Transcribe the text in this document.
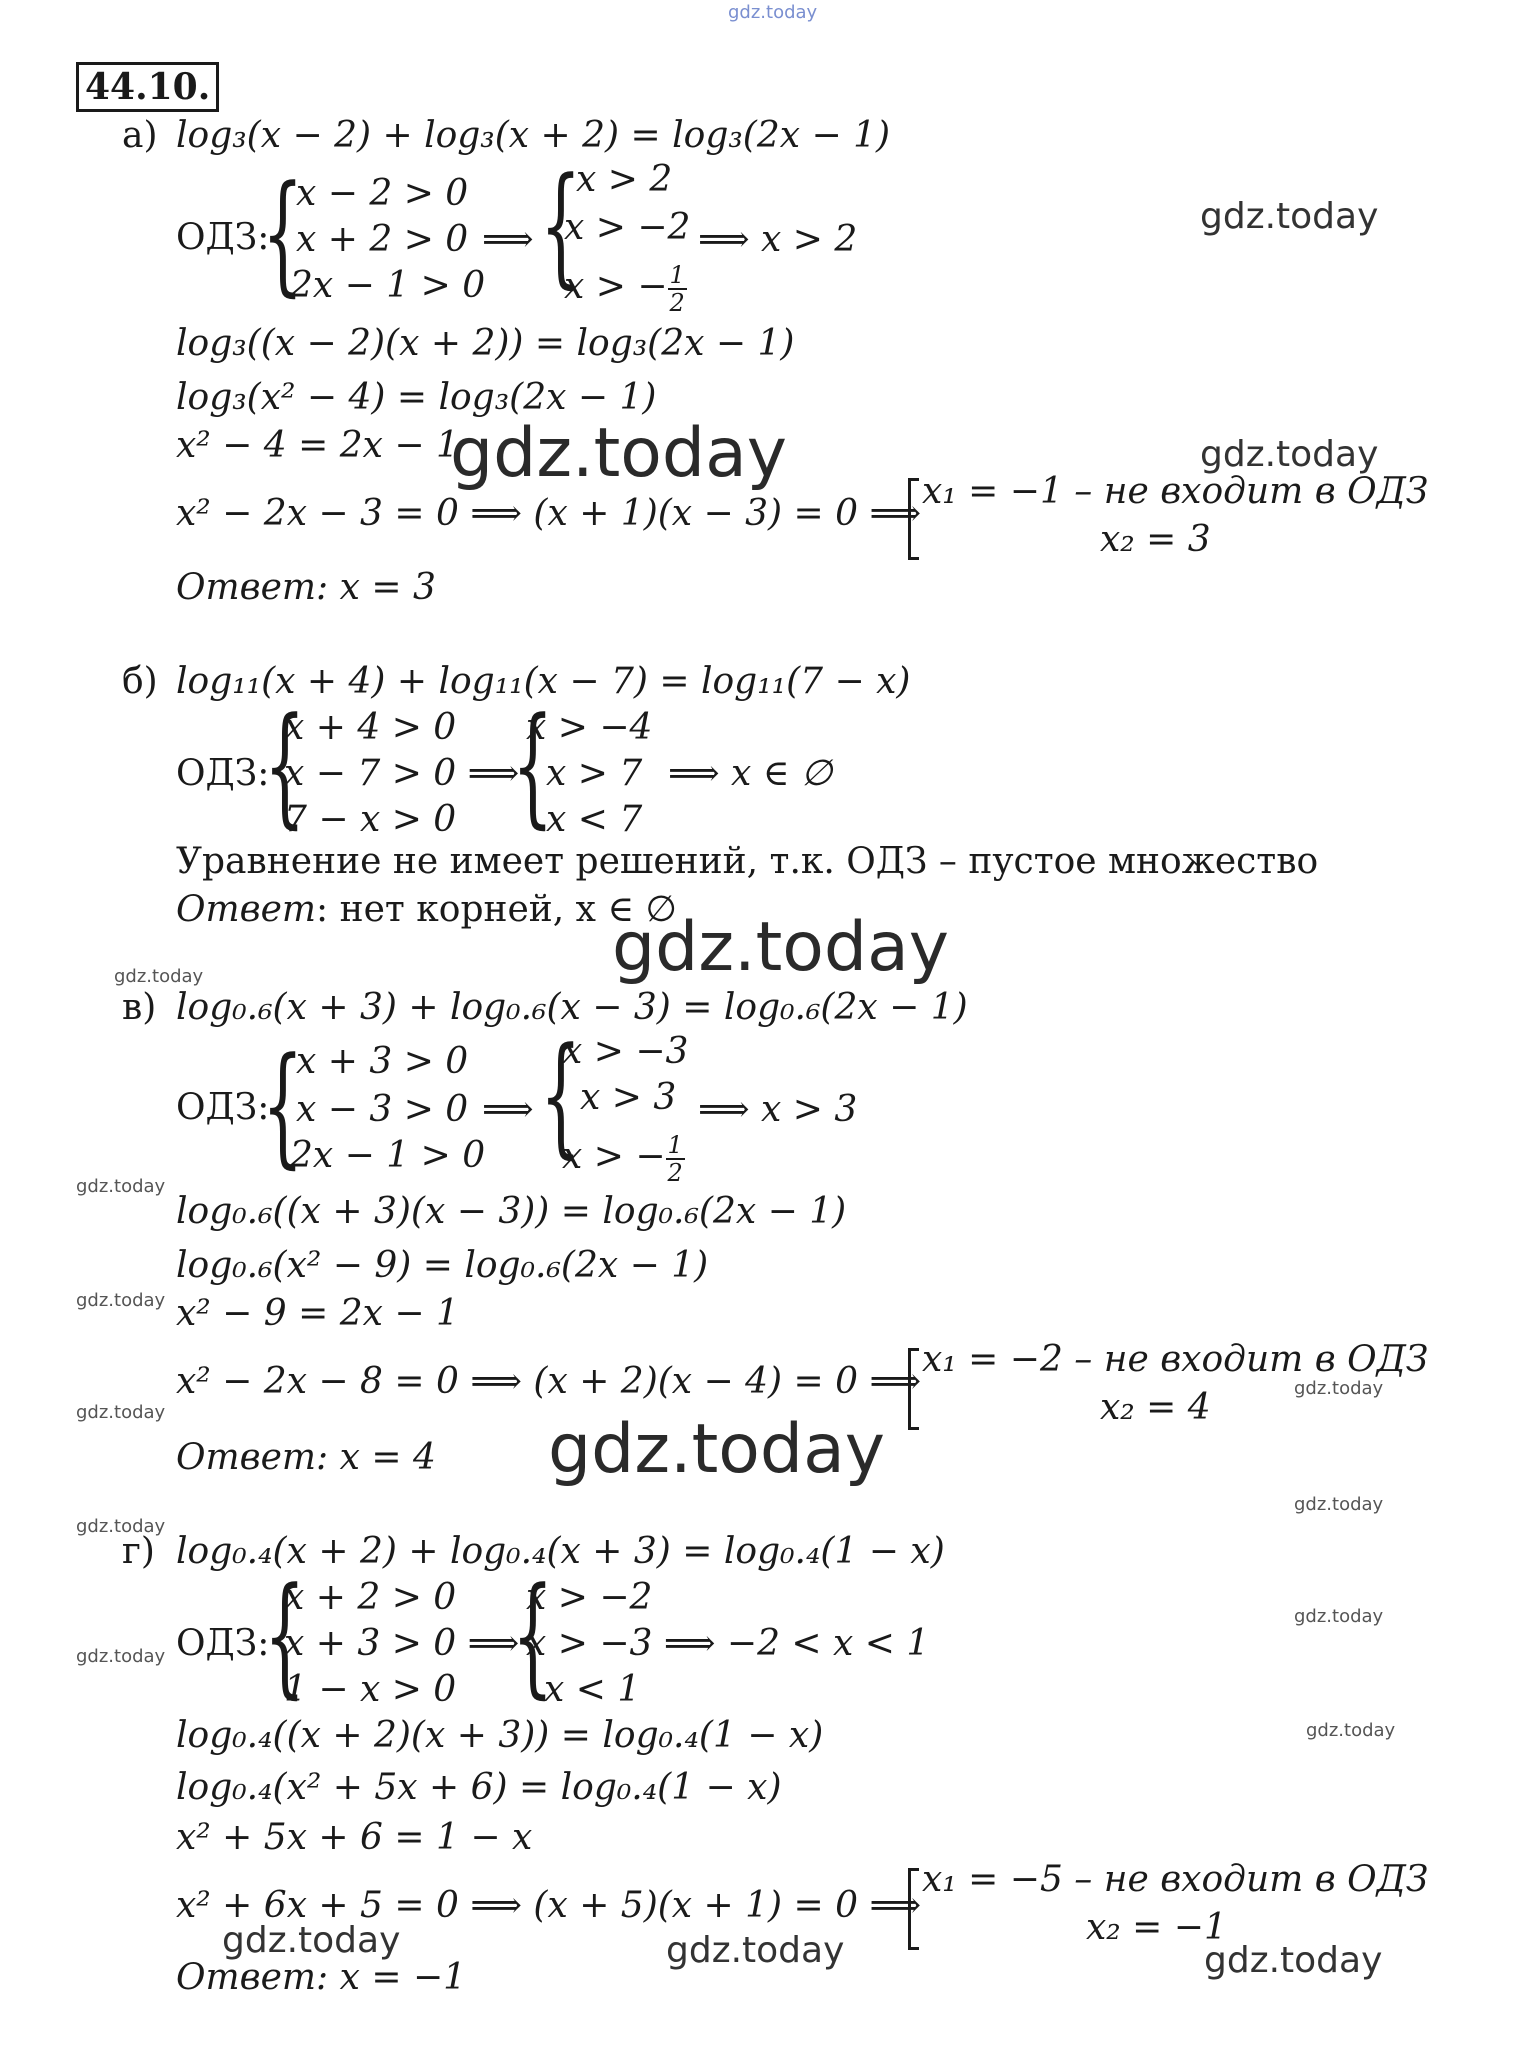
gdz.today
44.10.
а) log₃(x − 2) + log₃(x + 2) = log₃(2x − 1)
ОДЗ:
{
x − 2 > 0
x + 2 > 0
2x − 1 > 0
⟹ {
x > 2
x > −2
x > − $\frac{1}{2}$
⟹ x > 2
log₃((x − 2)(x + 2)) = log₃(2x − 1)
log₃(x² − 4) = log₃(2x − 1)
x² − 4 = 2x − 1
x² − 2x − 3 = 0 ⟹ (x + 1)(x − 3) = 0 ⟹
x₁ = −1 – не входит в ОДЗ
x₂ = 3
Ответ: x = 3
б) log₁₁(x + 4) + log₁₁(x − 7) = log₁₁(7 − x)
ОДЗ:
{
x + 4 > 0
x − 7 > 0 ⟹
7 − x > 0 {
x > −4
x > 7
x < 7
⟹ x ∈ ∅
Уравнение не имеет решений, т.к. ОДЗ – пустое множество
Ответ: нет корней, x ∈ ∅
в) log₀.₆(x + 3) + log₀.₆(x − 3) = log₀.₆(2x − 1)
ОДЗ:
{
x + 3 > 0
x − 3 > 0
2x − 1 > 0
⟹ {
x > −3
x > 3
x > − $\frac{1}{2}$
⟹ x > 3
log₀.₆((x + 3)(x − 3)) = log₀.₆(2x − 1)
log₀.₆(x² − 9) = log₀.₆(2x − 1)
x² − 9 = 2x − 1
x² − 2x − 8 = 0 ⟹ (x + 2)(x − 4) = 0 ⟹
x₁ = −2 – не входит в ОДЗ
x₂ = 4
Ответ: x = 4
г) log₀.₄(x + 2) + log₀.₄(x + 3) = log₀.₄(1 − x)
ОДЗ:
{
x + 2 > 0
x + 3 > 0 ⟹
1 − x > 0 {
x > −2
x > −3 ⟹ −2 < x < 1
x < 1
log₀.₄((x + 2)(x + 3)) = log₀.₄(1 − x)
log₀.₄(x² + 5x + 6) = log₀.₄(1 − x)
x² + 5x + 6 = 1 − x
x² + 6x + 5 = 0 ⟹ (x + 5)(x + 1) = 0 ⟹
x₁ = −5 – не входит в ОДЗ
x₂ = −1
Ответ: x = −1
gdz.today
gdz.today
gdz.today
gdz.today
gdz.today
gdz.today
gdz.today
gdz.today
gdz.today
gdz.today
gdz.today
gdz.today
gdz.today
gdz.today
gdz.today
gdz.today	gdz.today	gdz.today
